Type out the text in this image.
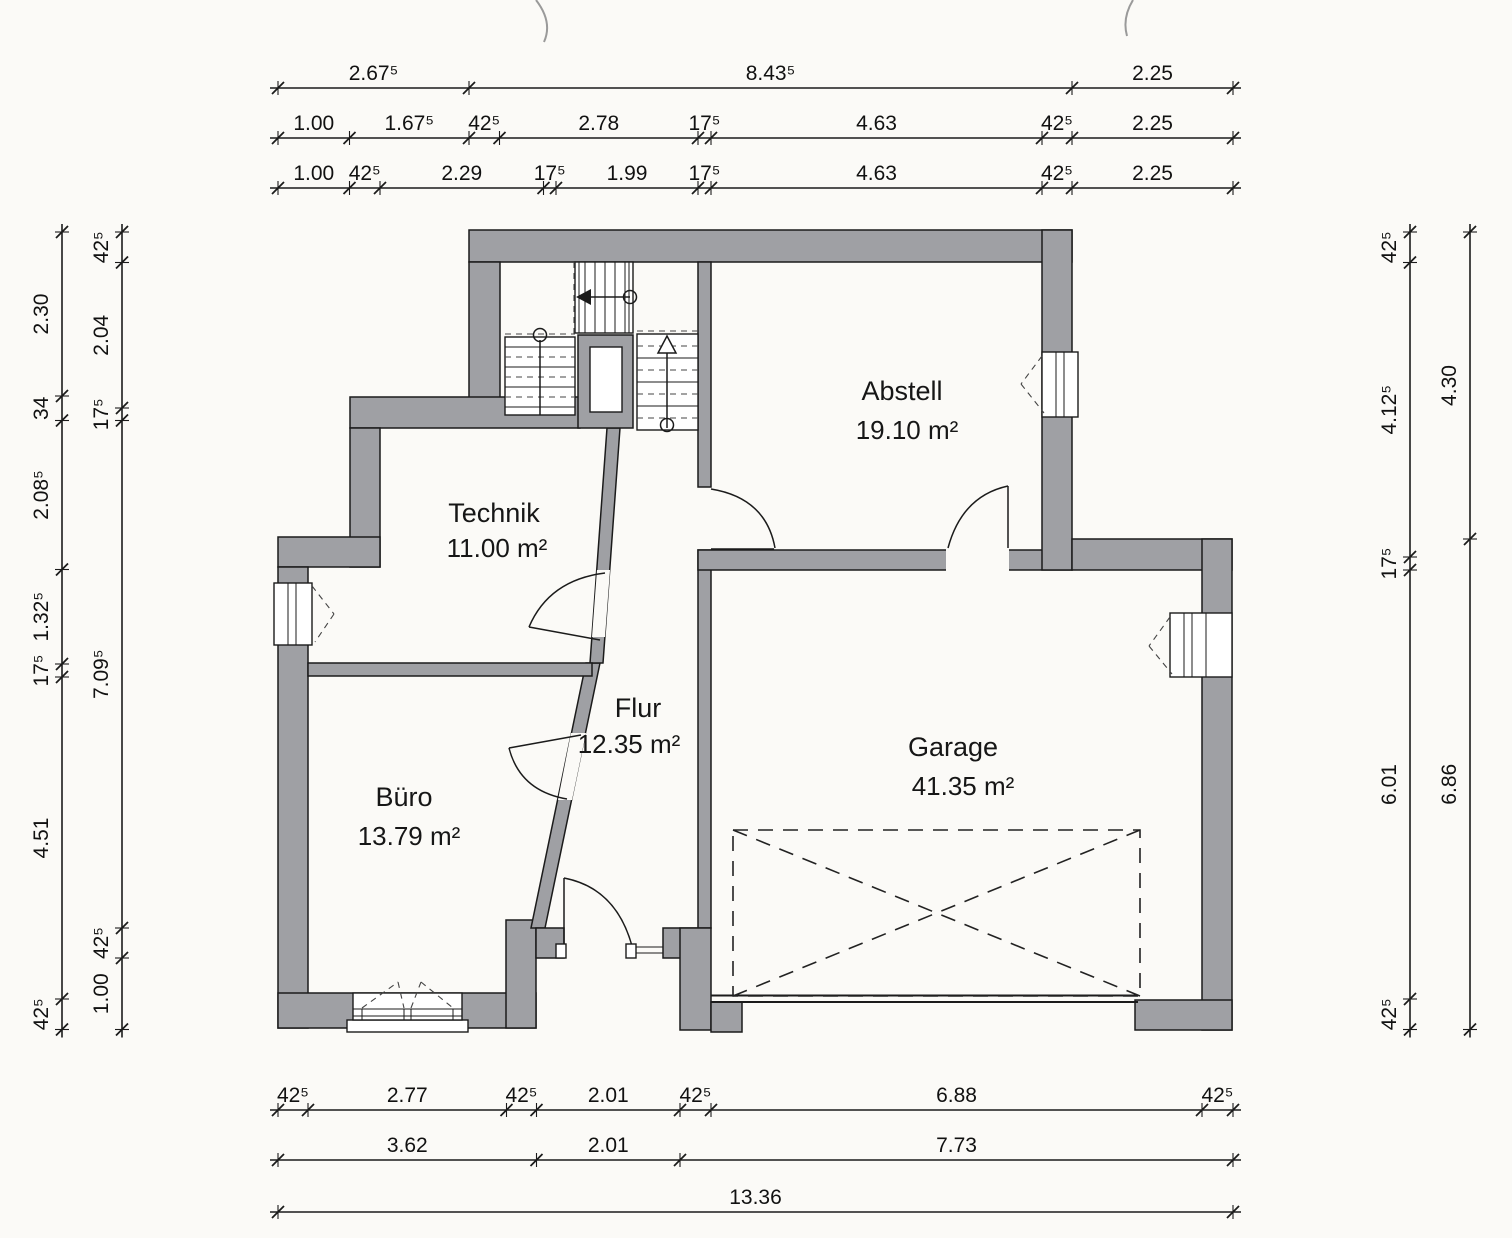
Abstell
19.10 m²
Technik
11.00 m²
Flur
12.35 m²
Büro
13.79 m²
Garage
41.35 m²
2.67⁵	8.43⁵	2.25
1.00 1.67⁵ 42⁵	2.78	17⁵	4.63	42⁵	2.25
1.00 42⁵	2.29 17⁵ 1.99 17⁵	4.63	42⁵	2.25
42⁵	2.77	42⁵ 2.01 42⁵	6.88	42⁵
3.62	2.01	7.73
13.36
2.30
34
2.08⁵
1.32⁵
17⁵
4.51
42⁵
42⁵
2.04
17⁵
7.09⁵
42⁵
1.00
42⁵
4.12⁵
17⁵
6.01
42⁵
4.30
6.86
